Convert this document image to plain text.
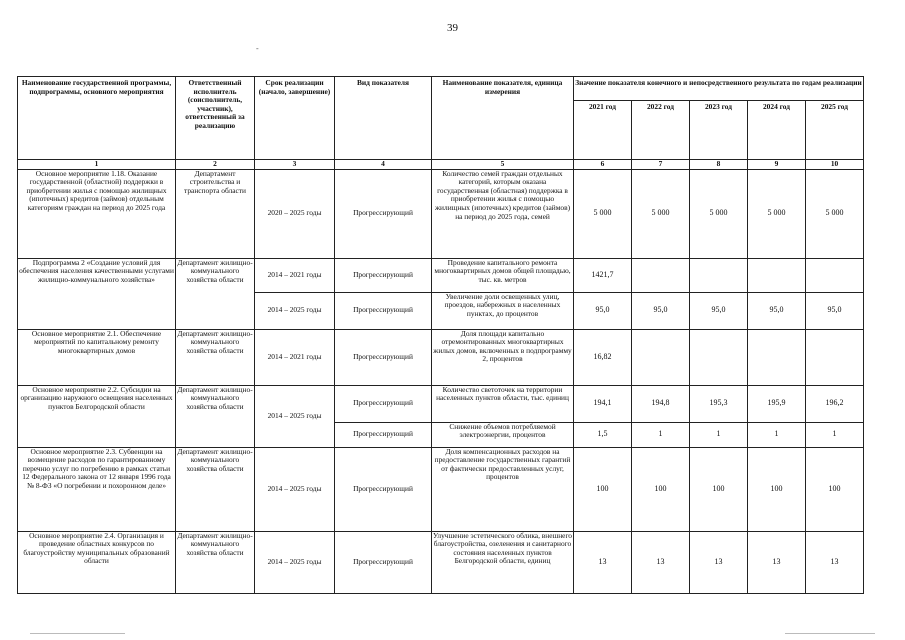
39
-
Наименование государственной программы, подпрограммы, основного мероприятия	Ответственный исполнитель (соисполнитель, участник), ответственный за реализацию	Срок реализации (начало, завершение)	Вид показателя	Наименование показателя, единица измерения	Значение показателя конечного и непосредственного результата по годам реализации				
					2021 год	2022 год	2023 год	2024 год	2025 год
1	2	3	4	5	6	7	8	9	10
Основное мероприятие 1.18. Оказание государственной (областной) поддержки в приобретении жилья с помощью жилищных (ипотечных) кредитов (займов) отдельным категориям граждан на период до 2025 года	Департамент строительства и транспорта области	2020 – 2025 годы	Прогрессирующий	Количество семей граждан отдельных категорий, которым оказана государственная (областная) поддержка в приобретении жилья с помощью жилищных (ипотечных) кредитов (займов) на период до 2025 года, семей	5 000	5 000	5 000	5 000	5 000
Подпрограмма 2 «Создание условий для обеспечения населения качественными услугами жилищно-коммунального хозяйства»	Департамент жилищно-коммунального хозяйства области	2014 – 2021 годы	Прогрессирующий	Проведение капитального ремонта многоквартирных домов общей площадью, тыс. кв. метров	1421,7				
		2014 – 2025 годы	Прогрессирующий	Увеличение доли освещенных улиц, проездов, набережных в населенных пунктах, до процентов	95,0	95,0	95,0	95,0	95,0
Основное мероприятие 2.1. Обеспечение мероприятий по капитальному ремонту многоквартирных домов	Департамент жилищно-коммунального хозяйства области	2014 – 2021 годы	Прогрессирующий	Доля площади капитально отремонтированных многоквартирных жилых домов, включенных в подпрограмму 2, процентов	16,82				
Основное мероприятие 2.2. Субсидии на организацию наружного освещения населенных пунктов Белгородской области	Департамент жилищно-коммунального хозяйства области	2014 – 2025 годы	Прогрессирующий	Количество светоточек на территории населенных пунктов области, тыс. единиц	194,1	194,8	195,3	195,9	196,2
			Прогрессирующий	Снижение объемов потребляемой электроэнергии, процентов	1,5	1	1	1	1
Основное мероприятие 2.3. Субвенции на возмещение расходов по гарантированному перечню услуг по погребению в рамках статьи 12 Федерального закона от 12 января 1996 года № 8-ФЗ «О погребении и похоронном деле»	Департамент жилищно-коммунального хозяйства области	2014 – 2025 годы	Прогрессирующий	Доля компенсационных расходов на предоставление государственных гарантий от фактически предоставленных услуг, процентов	100	100	100	100	100
Основное мероприятие 2.4. Организация и проведение областных конкурсов по благоустройству муниципальных образований области	Департамент жилищно-коммунального хозяйства области	2014 – 2025 годы	Прогрессирующий	Улучшение эстетического облика, внешнего благоустройства, озеленения и санитарного состояния населенных пунктов Белгородской области, единиц	13	13	13	13	13
